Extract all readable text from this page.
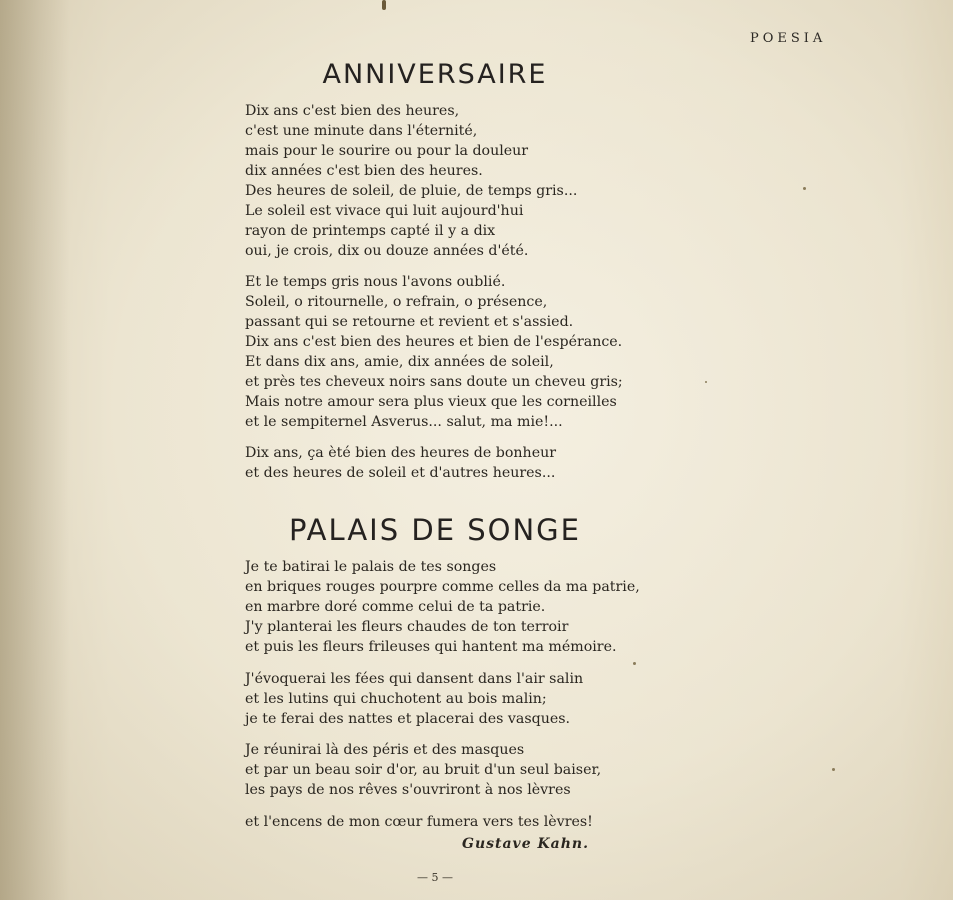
POESIA
ANNIVERSAIRE
Dix ans c'est bien des heures,
c'est une minute dans l'éternité,
mais pour le sourire ou pour la douleur
dix années c'est bien des heures.
Des heures de soleil, de pluie, de temps gris...
Le soleil est vivace qui luit aujourd'hui
rayon de printemps capté il y a dix
oui, je crois, dix ou douze années d'été.
Et le temps gris nous l'avons oublié.
Soleil, o ritournelle, o refrain, o présence,
passant qui se retourne et revient et s'assied.
Dix ans c'est bien des heures et bien de l'espérance.
Et dans dix ans, amie, dix années de soleil,
et près tes cheveux noirs sans doute un cheveu gris;
Mais notre amour sera plus vieux que les corneilles
et le sempiternel Asverus... salut, ma mie!...
Dix ans, ça èté bien des heures de bonheur
et des heures de soleil et d'autres heures...
PALAIS DE SONGE
Je te batirai le palais de tes songes
en briques rouges pourpre comme celles da ma patrie,
en marbre doré comme celui de ta patrie.
J'y planterai les fleurs chaudes de ton terroir
et puis les fleurs frileuses qui hantent ma mémoire.
J'évoquerai les fées qui dansent dans l'air salin
et les lutins qui chuchotent au bois malin;
je te ferai des nattes et placerai des vasques.
Je réunirai là des péris et des masques
et par un beau soir d'or, au bruit d'un seul baiser,
les pays de nos rêves s'ouvriront à nos lèvres
et l'encens de mon cœur fumera vers tes lèvres!
Gustave Kahn.
— 5 —
